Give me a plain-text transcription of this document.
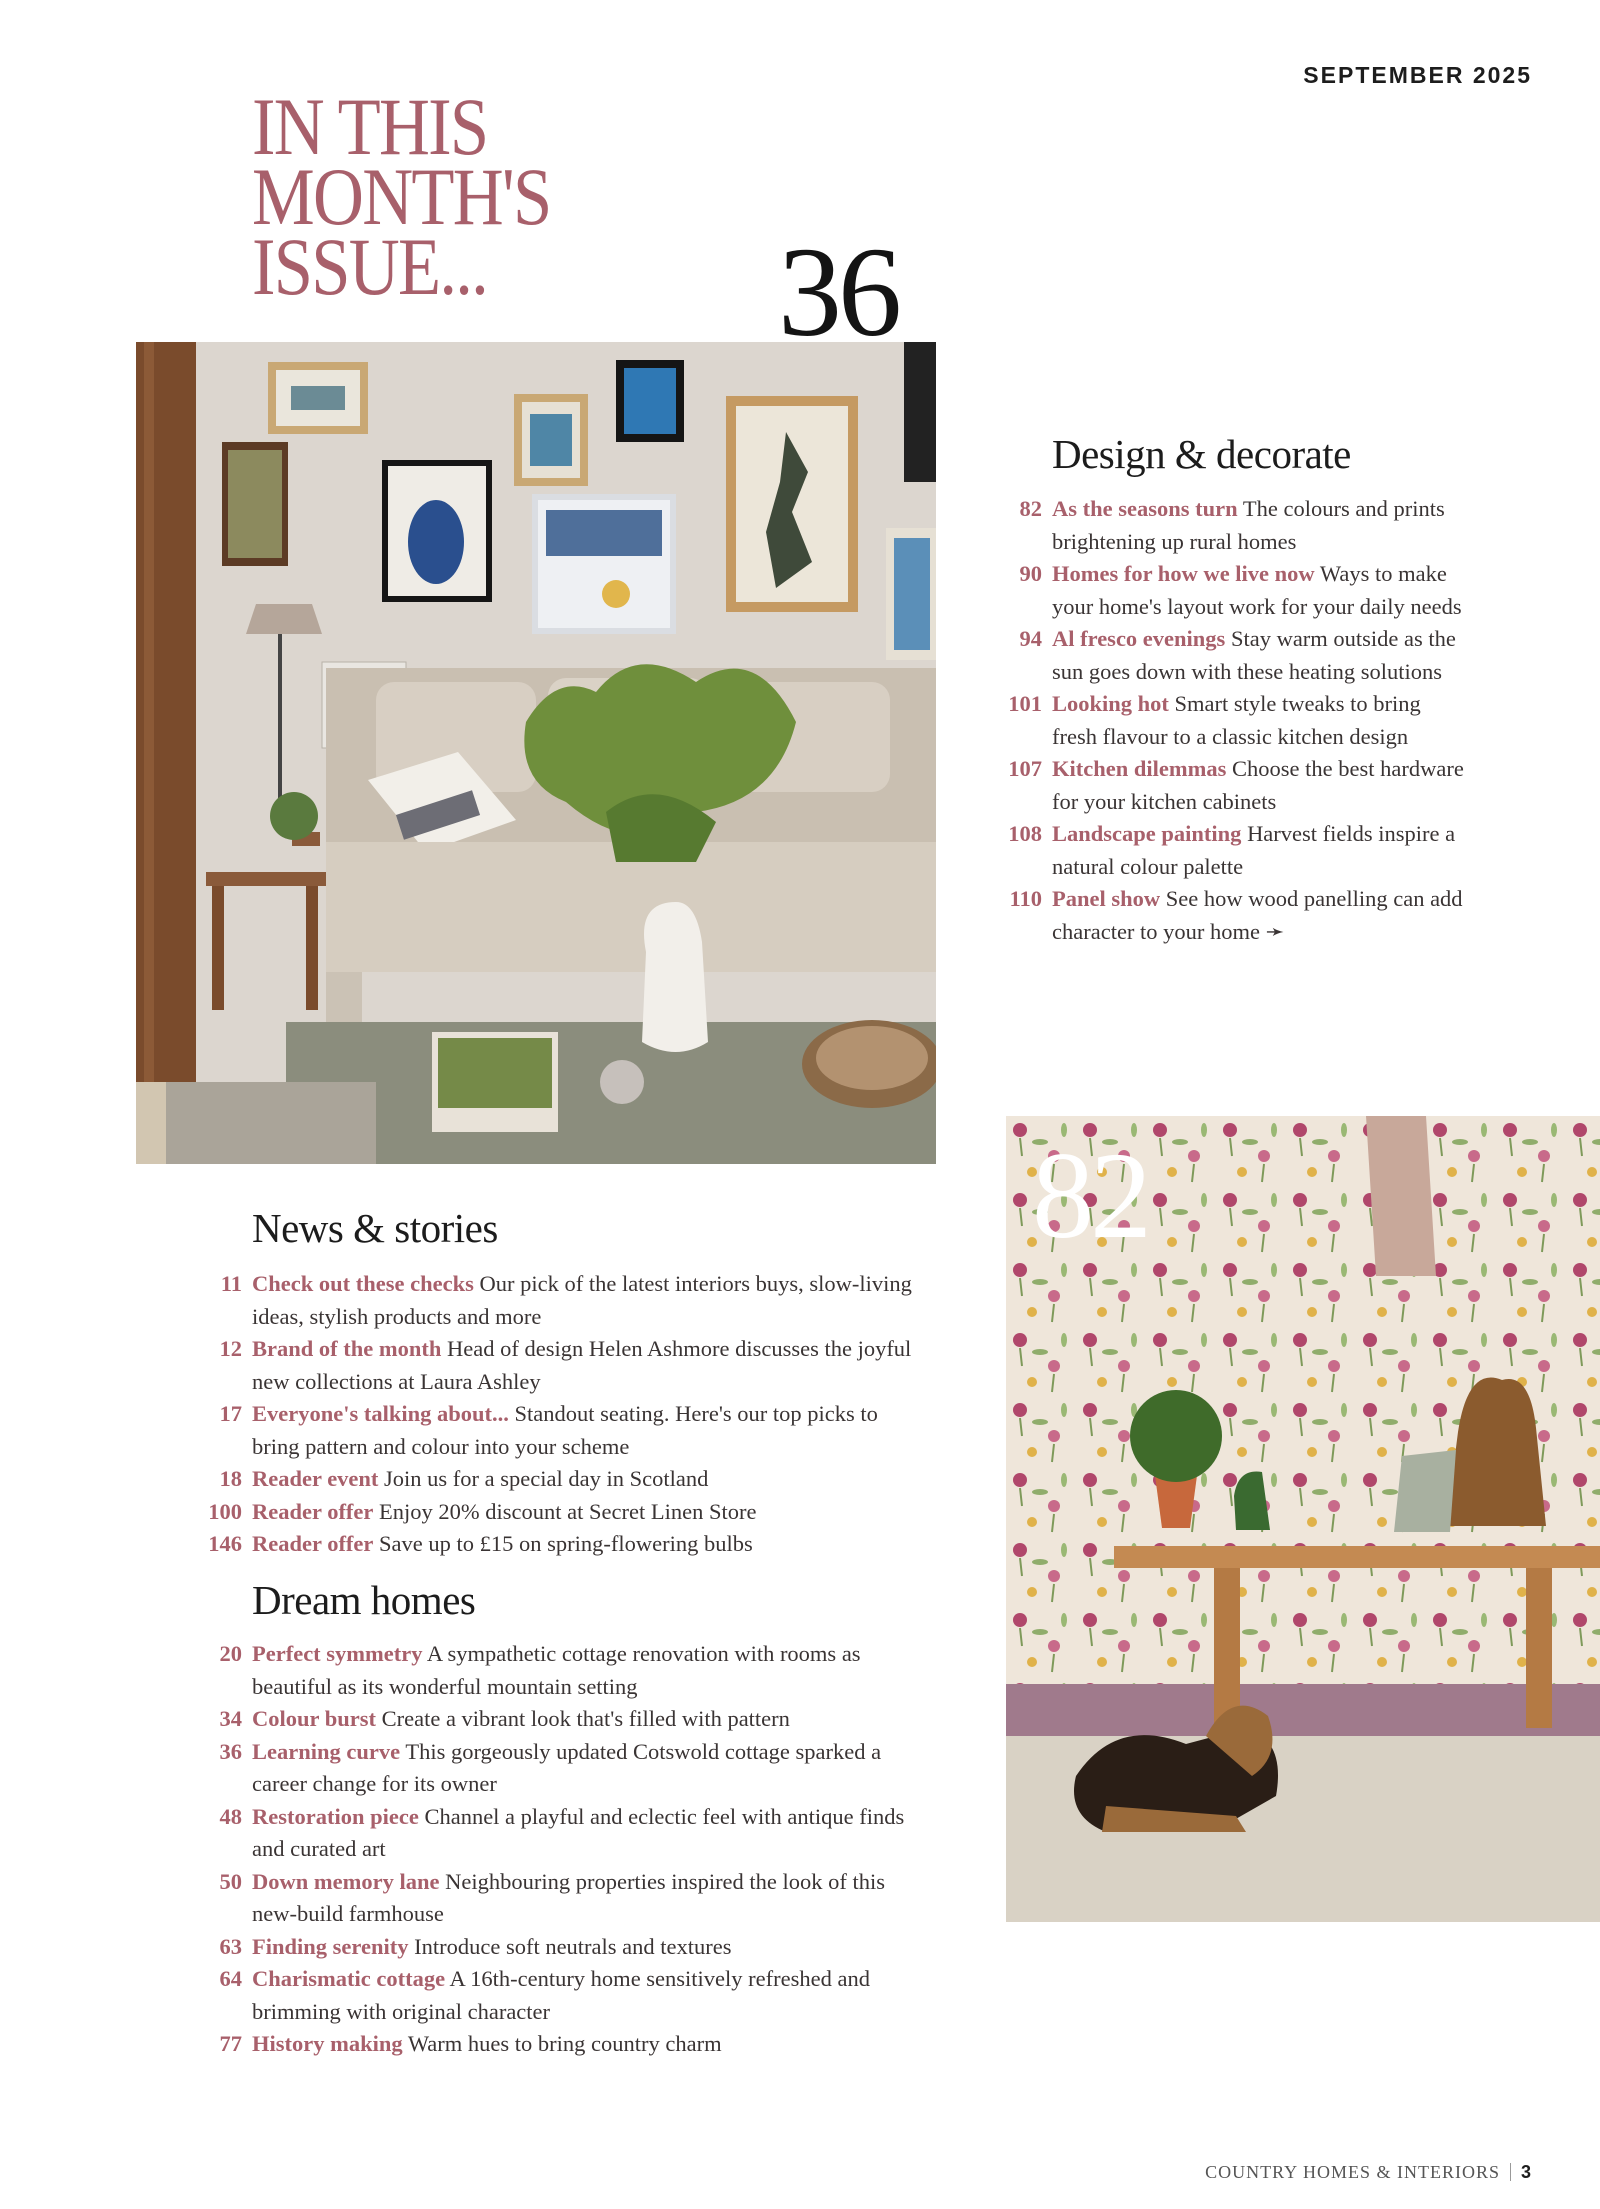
SEPTEMBER 2025
IN THIS
MONTH'S
ISSUE...	36
Design & decorate
82 As the seasons turn The colours and prints brightening up rural homes
90 Homes for how we live now Ways to make your home's layout work for your daily needs
94 Al fresco evenings Stay warm outside as the sun goes down with these heating solutions
101 Looking hot Smart style tweaks to bring fresh flavour to a classic kitchen design
107 Kitchen dilemmas Choose the best hardware for your kitchen cabinets
108 Landscape painting Harvest fields inspire a natural colour palette
110 Panel show See how wood panelling can add character to your home ➛
82
News & stories
11 Check out these checks Our pick of the latest interiors buys, slow-living ideas, stylish products and more
12 Brand of the month Head of design Helen Ashmore discusses the joyful new collections at Laura Ashley
17 Everyone's talking about... Standout seating. Here's our top picks to bring pattern and colour into your scheme
18 Reader event Join us for a special day in Scotland
100 Reader offer Enjoy 20% discount at Secret Linen Store
146 Reader offer Save up to £15 on spring-flowering bulbs
Dream homes
20 Perfect symmetry A sympathetic cottage renovation with rooms as beautiful as its wonderful mountain setting
34 Colour burst Create a vibrant look that's filled with pattern
36 Learning curve This gorgeously updated Cotswold cottage sparked a career change for its owner
48 Restoration piece Channel a playful and eclectic feel with antique finds and curated art
50 Down memory lane Neighbouring properties inspired the look of this new-build farmhouse
63 Finding serenity Introduce soft neutrals and textures
64 Charismatic cottage A 16th-century home sensitively refreshed and brimming with original character
77 History making Warm hues to bring country charm
COUNTRY HOMES & INTERIORS 3
